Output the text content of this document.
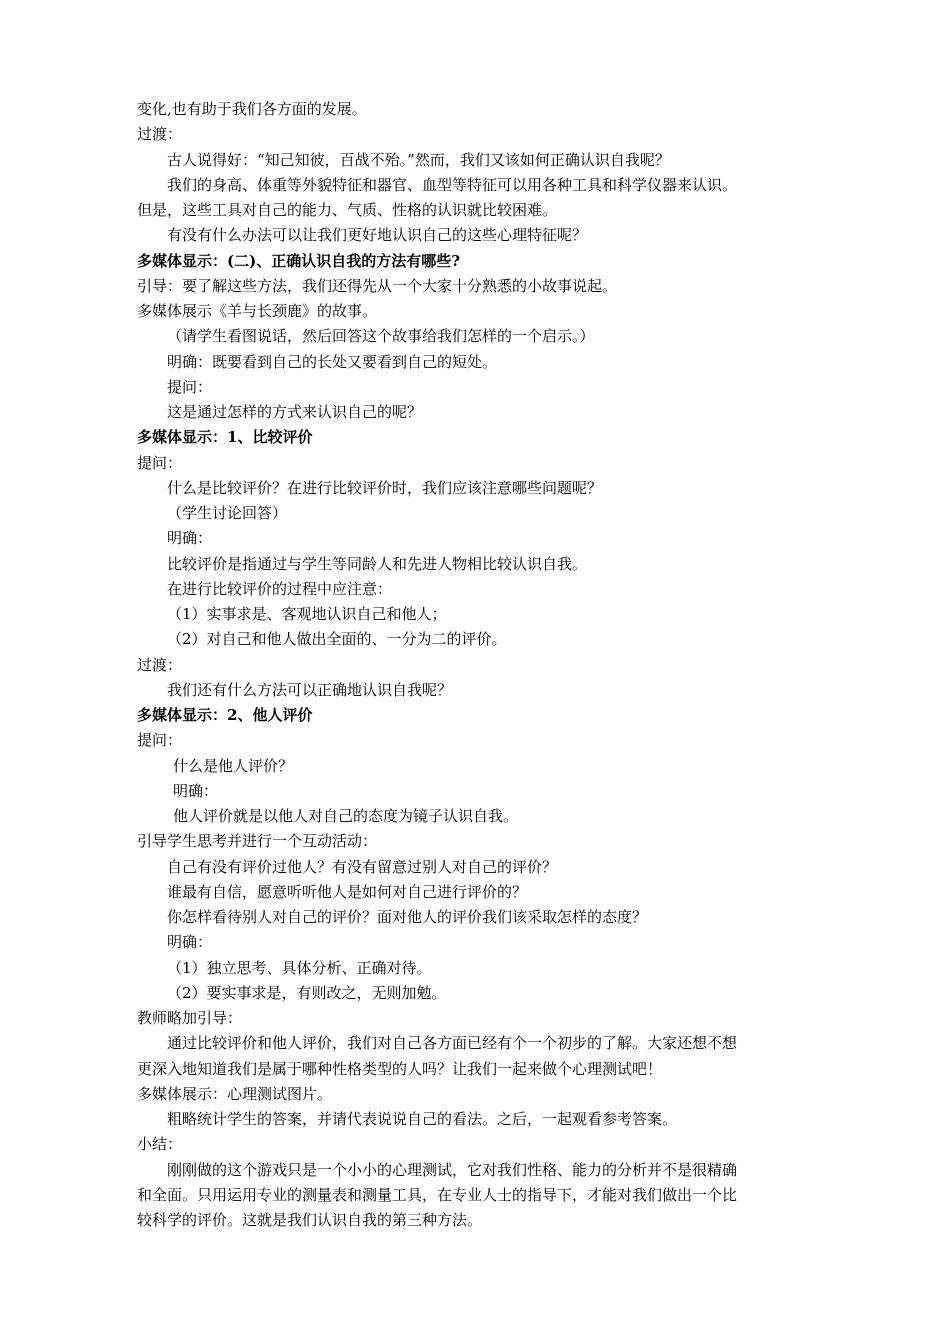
变化,也有助于我们各方面的发展。
过渡：
古人说得好：“知己知彼，百战不殆。”然而，我们又该如何正确认识自我呢？
我们的身高、体重等外貌特征和器官、血型等特征可以用各种工具和科学仪器来认识。
但是，这些工具对自己的能力、气质、性格的认识就比较困难。
有没有什么办法可以让我们更好地认识自己的这些心理特征呢？
多媒体显示：(二)、正确认识自我的方法有哪些?
引导：要了解这些方法，我们还得先从一个大家十分熟悉的小故事说起。
多媒体展示《羊与长颈鹿》的故事。
（请学生看图说话，然后回答这个故事给我们怎样的一个启示。）
明确：既要看到自己的长处又要看到自己的短处。
提问：
这是通过怎样的方式来认识自己的呢？
多媒体显示：1、比较评价
提问：
什么是比较评价？在进行比较评价时，我们应该注意哪些问题呢？
（学生讨论回答）
明确：
比较评价是指通过与学生等同龄人和先进人物相比较认识自我。
在进行比较评价的过程中应注意：
（1）实事求是、客观地认识自己和他人；
（2）对自己和他人做出全面的、一分为二的评价。
过渡：
我们还有什么方法可以正确地认识自我呢？
多媒体显示：2、他人评价
提问：
什么是他人评价？
明确：
他人评价就是以他人对自己的态度为镜子认识自我。
引导学生思考并进行一个互动活动：
自己有没有评价过他人？有没有留意过别人对自己的评价？
谁最有自信，愿意听听他人是如何对自己进行评价的？
你怎样看待别人对自己的评价？面对他人的评价我们该采取怎样的态度？
明确：
（1）独立思考、具体分析、正确对待。
（2）要实事求是，有则改之，无则加勉。
教师略加引导：
通过比较评价和他人评价，我们对自己各方面已经有个一个初步的了解。大家还想不想
更深入地知道我们是属于哪种性格类型的人吗？让我们一起来做个心理测试吧！
多媒体展示：心理测试图片。
粗略统计学生的答案，并请代表说说自己的看法。之后，一起观看参考答案。
小结：
刚刚做的这个游戏只是一个小小的心理测试，它对我们性格、能力的分析并不是很精确
和全面。只用运用专业的测量表和测量工具，在专业人士的指导下，才能对我们做出一个比
较科学的评价。这就是我们认识自我的第三种方法。
